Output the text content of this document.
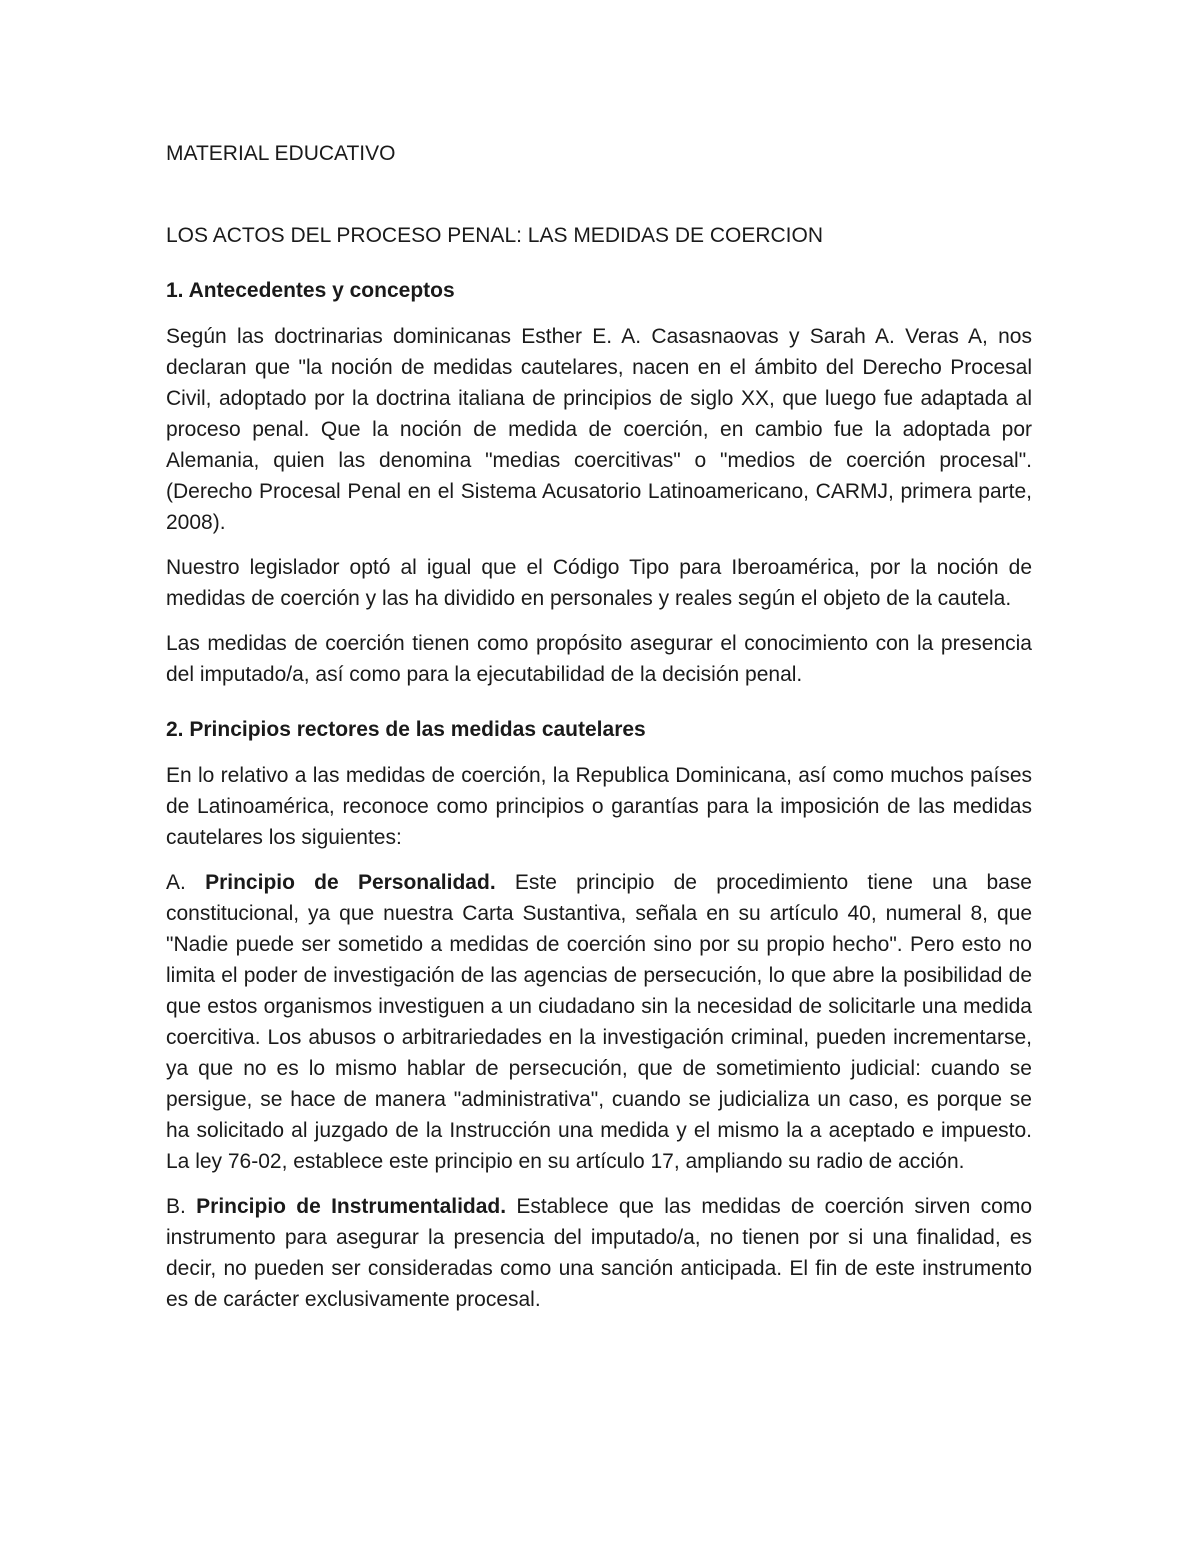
MATERIAL EDUCATIVO

LOS ACTOS DEL PROCESO PENAL: LAS MEDIDAS DE COERCION

1. Antecedentes y conceptos

Según las doctrinarias dominicanas Esther E. A. Casasnaovas y Sarah A. Veras A, nos declaran que "la noción de medidas cautelares, nacen en el ámbito del Derecho Procesal Civil, adoptado por la doctrina italiana de principios de siglo XX, que luego fue adaptada al proceso penal. Que la noción de medida de coerción, en cambio fue la adoptada por Alemania, quien las denomina "medias coercitivas" o "medios de coerción procesal". (Derecho Procesal Penal en el Sistema Acusatorio Latinoamericano, CARMJ, primera parte, 2008).

Nuestro legislador optó al igual que el Código Tipo para Iberoamérica, por la noción de medidas de coerción y las ha dividido en personales y reales según el objeto de la cautela.

Las medidas de coerción tienen como propósito asegurar el conocimiento con la presencia del imputado/a, así como para la ejecutabilidad de la decisión penal.

2. Principios rectores de las medidas cautelares

En lo relativo a las medidas de coerción, la Republica Dominicana, así como muchos países de Latinoamérica, reconoce como principios o garantías para la imposición de las medidas cautelares los siguientes:

A. Principio de Personalidad. Este principio de procedimiento tiene una base constitucional, ya que nuestra Carta Sustantiva, señala en su artículo 40, numeral 8, que "Nadie puede ser sometido a medidas de coerción sino por su propio hecho". Pero esto no limita el poder de investigación de las agencias de persecución, lo que abre la posibilidad de que estos organismos investiguen a un ciudadano sin la necesidad de solicitarle una medida coercitiva. Los abusos o arbitrariedades en la investigación criminal, pueden incrementarse, ya que no es lo mismo hablar de persecución, que de sometimiento judicial: cuando se persigue, se hace de manera "administrativa", cuando se judicializa un caso, es porque se ha solicitado al juzgado de la Instrucción una medida y el mismo la a aceptado e impuesto. La ley 76-02, establece este principio en su artículo 17, ampliando su radio de acción.

B. Principio de Instrumentalidad. Establece que las medidas de coerción sirven como instrumento para asegurar la presencia del imputado/a, no tienen por si una finalidad, es decir, no pueden ser consideradas como una sanción anticipada. El fin de este instrumento es de carácter exclusivamente procesal.
